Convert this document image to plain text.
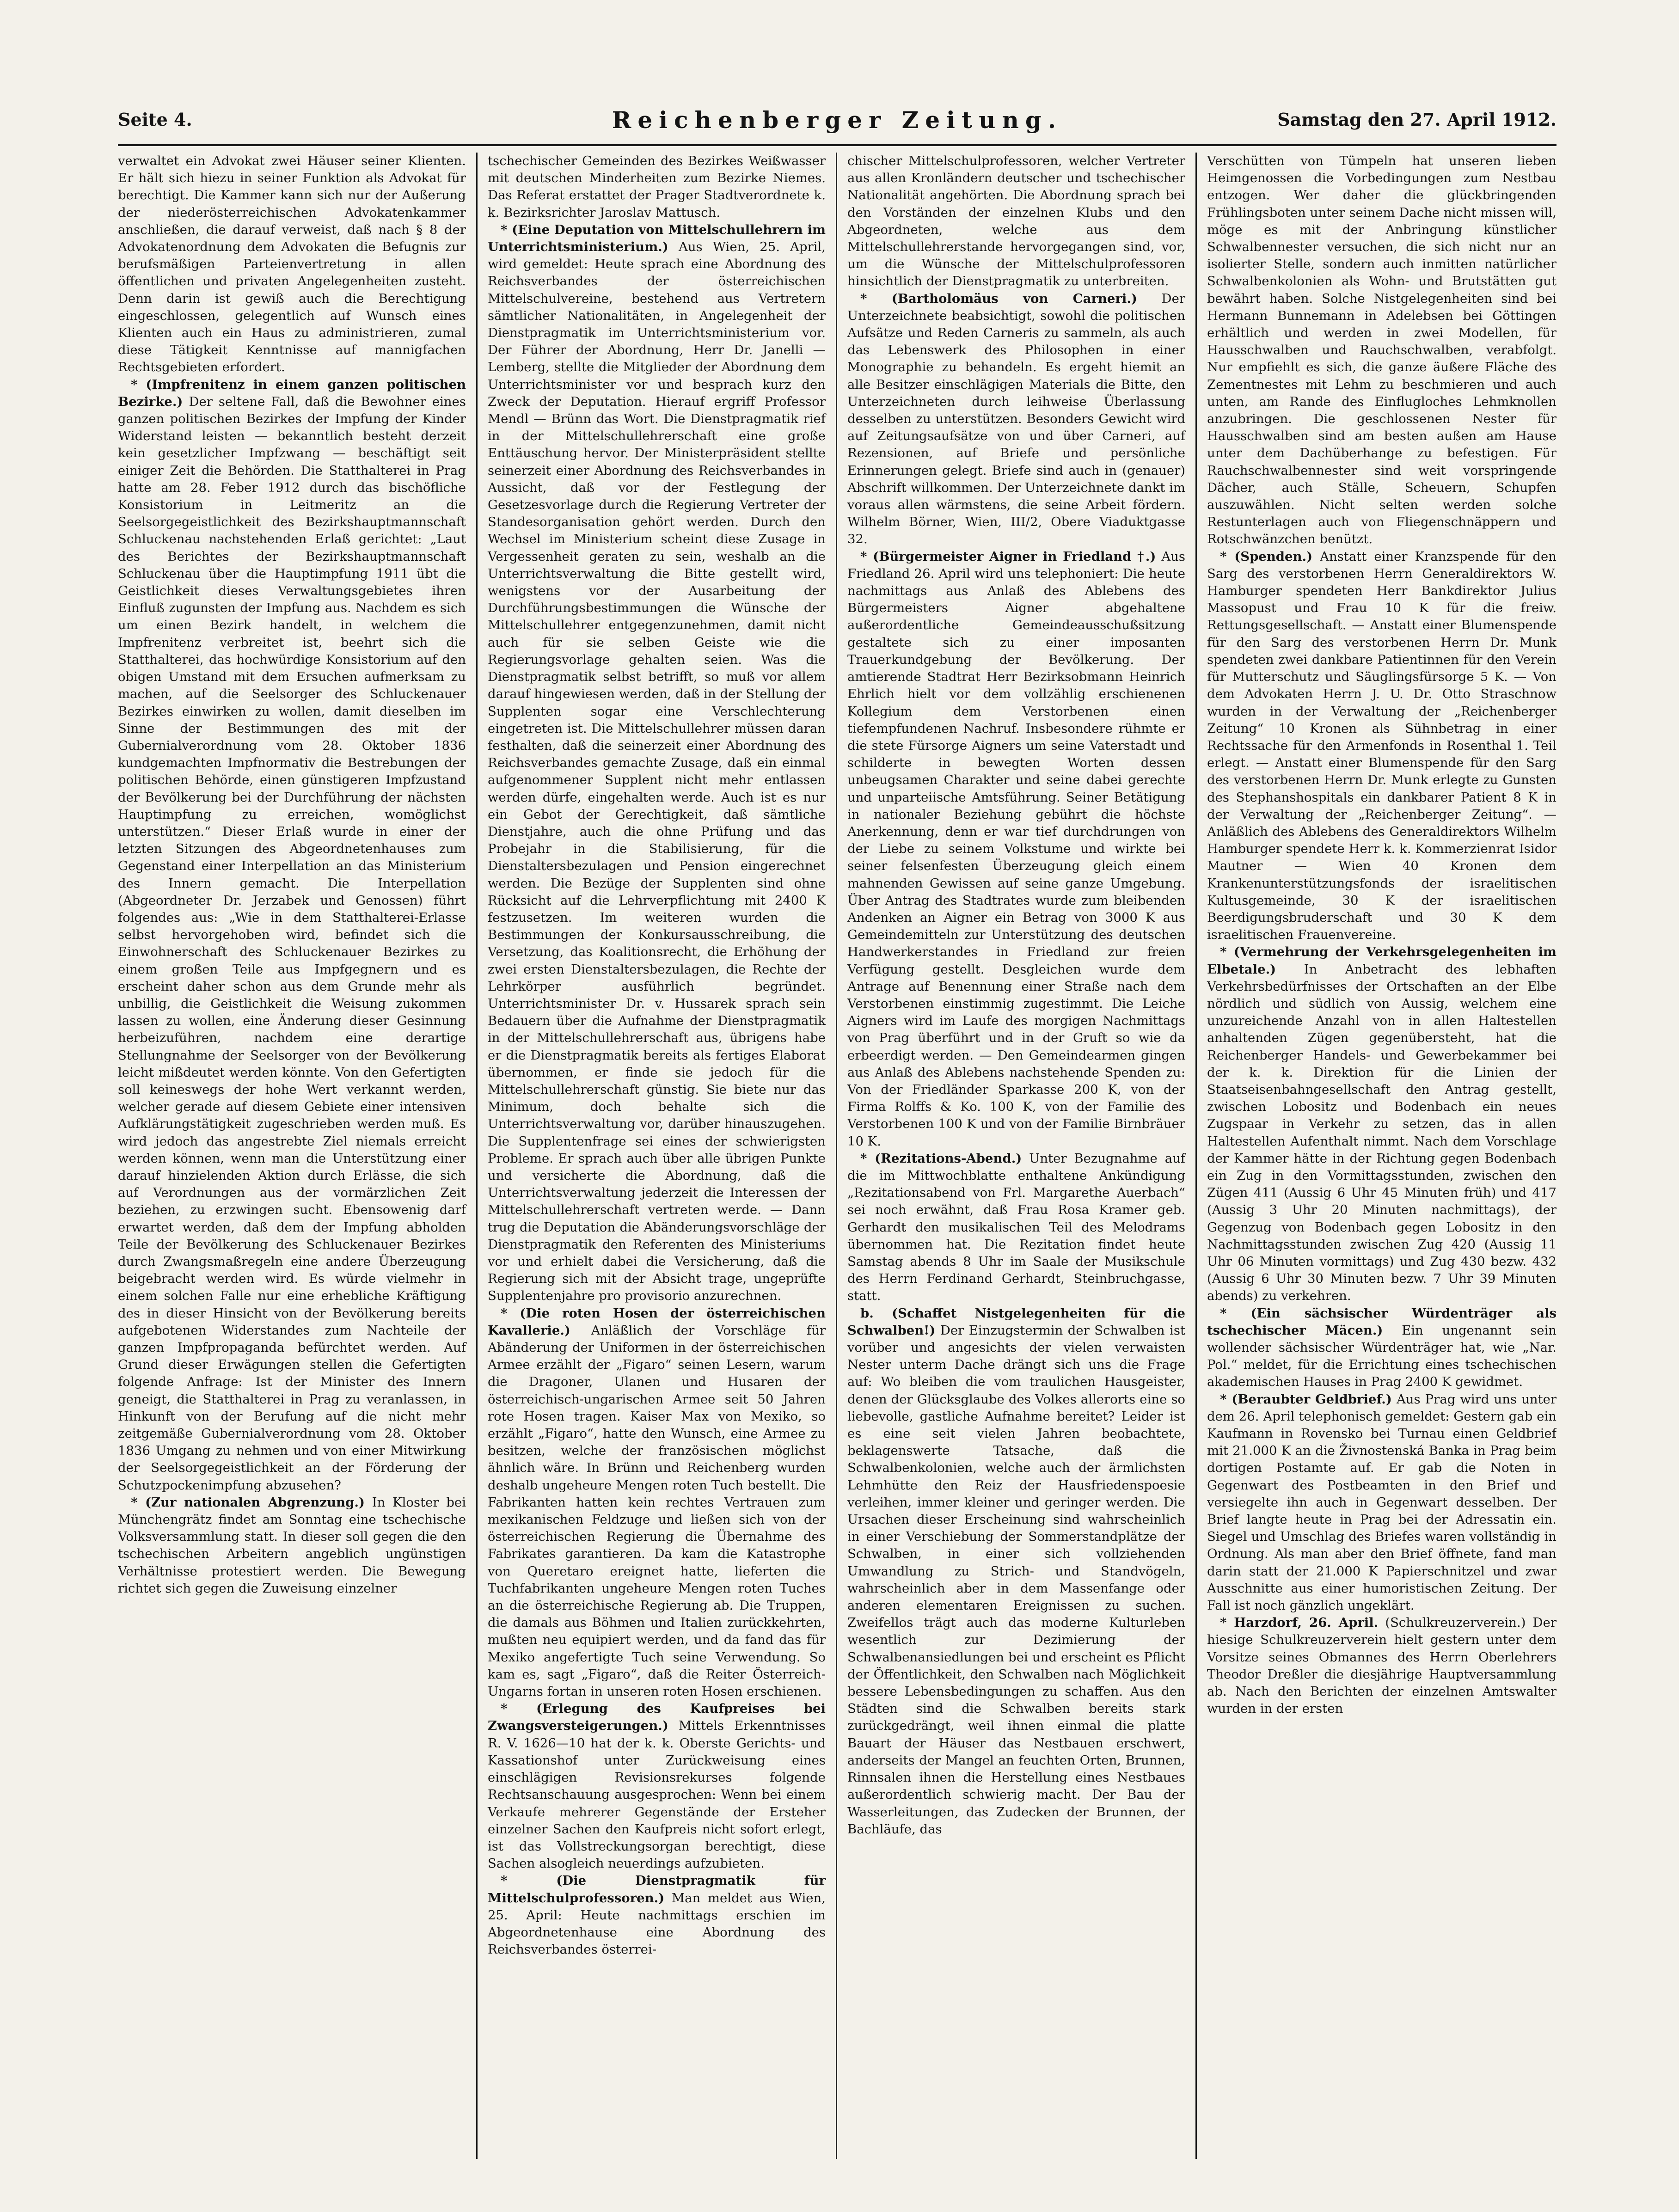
Seite 4.	Reichenberger Zeitung.	Samstag den 27. April 1912.

verwaltet ein Advokat zwei Häuser seiner Klienten. Er hält sich hiezu in seiner Funktion als Advokat für berechtigt. Die Kammer kann sich nur der Außerung der niederösterreichischen Advokatenkammer anschließen, die darauf verweist, daß nach § 8 der Advokatenordnung dem Advokaten die Befugnis zur berufsmäßigen Parteienvertretung in allen öffentlichen und privaten Angelegenheiten zusteht. Denn darin ist gewiß auch die Berechtigung eingeschlossen, gelegentlich auf Wunsch eines Klienten auch ein Haus zu administrieren, zumal diese Tätigkeit Kenntnisse auf mannigfachen Rechtsgebieten erfordert.

* (Impfrenitenz in einem ganzen politischen Bezirke.) Der seltene Fall, daß die Bewohner eines ganzen politischen Bezirkes der Impfung der Kinder Widerstand leisten — bekanntlich besteht derzeit kein gesetzlicher Impfzwang — beschäftigt seit einiger Zeit die Behörden. Die Statthalterei in Prag hatte am 28. Feber 1912 durch das bischöfliche Konsistorium in Leitmeritz an die Seelsorgegeistlichkeit des Bezirkshauptmannschaft Schluckenau nachstehenden Erlaß gerichtet: „Laut des Berichtes der Bezirkshauptmannschaft Schluckenau über die Hauptimpfung 1911 übt die Geistlichkeit dieses Verwaltungsgebietes ihren Einfluß zugunsten der Impfung aus. Nachdem es sich um einen Bezirk handelt, in welchem die Impfrenitenz verbreitet ist, beehrt sich die Statthalterei, das hochwürdige Konsistorium auf den obigen Umstand mit dem Ersuchen aufmerksam zu machen, auf die Seelsorger des Schluckenauer Bezirkes einwirken zu wollen, damit dieselben im Sinne der Bestimmungen des mit der Gubernialverordnung vom 28. Oktober 1836 kundgemachten Impfnormativ die Bestrebungen der politischen Behörde, einen günstigeren Impfzustand der Bevölkerung bei der Durchführung der nächsten Hauptimpfung zu erreichen, womöglichst unterstützen.“ Dieser Erlaß wurde in einer der letzten Sitzungen des Abgeordnetenhauses zum Gegenstand einer Interpellation an das Ministerium des Innern gemacht. Die Interpellation (Abgeordneter Dr. Jerzabek und Genossen) führt folgendes aus: „Wie in dem Statthalterei-Erlasse selbst hervorgehoben wird, befindet sich die Einwohnerschaft des Schluckenauer Bezirkes zu einem großen Teile aus Impfgegnern und es erscheint daher schon aus dem Grunde mehr als unbillig, die Geistlichkeit die Weisung zukommen lassen zu wollen, eine Änderung dieser Gesinnung herbeizuführen, nachdem eine derartige Stellungnahme der Seelsorger von der Bevölkerung leicht mißdeutet werden könnte. Von den Gefertigten soll keineswegs der hohe Wert verkannt werden, welcher gerade auf diesem Gebiete einer intensiven Aufklärungstätigkeit zugeschrieben werden muß. Es wird jedoch das angestrebte Ziel niemals erreicht werden können, wenn man die Unterstützung einer darauf hinzielenden Aktion durch Erlässe, die sich auf Verordnungen aus der vormärzlichen Zeit beziehen, zu erzwingen sucht. Ebensowenig darf erwartet werden, daß dem der Impfung abholden Teile der Bevölkerung des Schluckenauer Bezirkes durch Zwangsmaßregeln eine andere Überzeugung beigebracht werden wird. Es würde vielmehr in einem solchen Falle nur eine erhebliche Kräftigung des in dieser Hinsicht von der Bevölkerung bereits aufgebotenen Widerstandes zum Nachteile der ganzen Impfpropaganda befürchtet werden. Auf Grund dieser Erwägungen stellen die Gefertigten folgende Anfrage: Ist der Minister des Innern geneigt, die Statthalterei in Prag zu veranlassen, in Hinkunft von der Berufung auf die nicht mehr zeitgemäße Gubernialverordnung vom 28. Oktober 1836 Umgang zu nehmen und von einer Mitwirkung der Seelsorgegeistlichkeit an der Förderung der Schutzpockenimpfung abzusehen?

* (Zur nationalen Abgrenzung.) In Kloster bei Münchengrätz findet am Sonntag eine tschechische Volksversammlung statt. In dieser soll gegen die den tschechischen Arbeitern angeblich ungünstigen Verhältnisse protestiert werden. Die Bewegung richtet sich gegen die Zuweisung einzelner

tschechischer Gemeinden des Bezirkes Weißwasser mit deutschen Minderheiten zum Bezirke Niemes. Das Referat erstattet der Prager Stadtverordnete k. k. Bezirksrichter Jaroslav Mattusch.

* (Eine Deputation von Mittelschullehrern im Unterrichtsministerium.) Aus Wien, 25. April, wird gemeldet: Heute sprach eine Abordnung des Reichsverbandes der österreichischen Mittelschulvereine, bestehend aus Vertretern sämtlicher Nationalitäten, in Angelegenheit der Dienstpragmatik im Unterrichtsministerium vor. Der Führer der Abordnung, Herr Dr. Janelli — Lemberg, stellte die Mitglieder der Abordnung dem Unterrichtsminister vor und besprach kurz den Zweck der Deputation. Hierauf ergriff Professor Mendl — Brünn das Wort. Die Dienstpragmatik rief in der Mittelschullehrerschaft eine große Enttäuschung hervor. Der Ministerpräsident stellte seinerzeit einer Abordnung des Reichsverbandes in Aussicht, daß vor der Festlegung der Gesetzesvorlage durch die Regierung Vertreter der Standesorganisation gehört werden. Durch den Wechsel im Ministerium scheint diese Zusage in Vergessenheit geraten zu sein, weshalb an die Unterrichtsverwaltung die Bitte gestellt wird, wenigstens vor der Ausarbeitung der Durchführungsbestimmungen die Wünsche der Mittelschullehrer entgegenzunehmen, damit nicht auch für sie selben Geiste wie die Regierungsvorlage gehalten seien. Was die Dienstpragmatik selbst betrifft, so muß vor allem darauf hingewiesen werden, daß in der Stellung der Supplenten sogar eine Verschlechterung eingetreten ist. Die Mittelschullehrer müssen daran festhalten, daß die seinerzeit einer Abordnung des Reichsverbandes gemachte Zusage, daß ein einmal aufgenommener Supplent nicht mehr entlassen werden dürfe, eingehalten werde. Auch ist es nur ein Gebot der Gerechtigkeit, daß sämtliche Dienstjahre, auch die ohne Prüfung und das Probejahr in die Stabilisierung, für die Dienstaltersbezulagen und Pension eingerechnet werden. Die Bezüge der Supplenten sind ohne Rücksicht auf die Lehrverpflichtung mit 2400 K festzusetzen. Im weiteren wurden die Bestimmungen der Konkursausschreibung, die Versetzung, das Koalitionsrecht, die Erhöhung der zwei ersten Dienstaltersbezulagen, die Rechte der Lehrkörper ausführlich begründet. Unterrichtsminister Dr. v. Hussarek sprach sein Bedauern über die Aufnahme der Dienstpragmatik in der Mittelschullehrerschaft aus, übrigens habe er die Dienstpragmatik bereits als fertiges Elaborat übernommen, er finde sie jedoch für die Mittelschullehrerschaft günstig. Sie biete nur das Minimum, doch behalte sich die Unterrichtsverwaltung vor, darüber hinauszugehen. Die Supplentenfrage sei eines der schwierigsten Probleme. Er sprach auch über alle übrigen Punkte und versicherte die Abordnung, daß die Unterrichtsverwaltung jederzeit die Interessen der Mittelschullehrerschaft vertreten werde. — Dann trug die Deputation die Abänderungsvorschläge der Dienstpragmatik den Referenten des Ministeriums vor und erhielt dabei die Versicherung, daß die Regierung sich mit der Absicht trage, ungeprüfte Supplentenjahre pro provisorio anzurechnen.

* (Die roten Hosen der österreichischen Kavallerie.) Anläßlich der Vorschläge für Abänderung der Uniformen in der österreichischen Armee erzählt der „Figaro“ seinen Lesern, warum die Dragoner, Ulanen und Husaren der österreichisch-ungarischen Armee seit 50 Jahren rote Hosen tragen. Kaiser Max von Mexiko, so erzählt „Figaro“, hatte den Wunsch, eine Armee zu besitzen, welche der französischen möglichst ähnlich wäre. In Brünn und Reichenberg wurden deshalb ungeheure Mengen roten Tuch bestellt. Die Fabrikanten hatten kein rechtes Vertrauen zum mexikanischen Feldzuge und ließen sich von der österreichischen Regierung die Übernahme des Fabrikates garantieren. Da kam die Katastrophe von Queretaro ereignet hatte, lieferten die Tuchfabrikanten ungeheure Mengen roten Tuches an die österreichische Regierung ab. Die Truppen, die damals aus Böhmen und Italien zurückkehrten, mußten neu equipiert werden, und da fand das für Mexiko angefertigte Tuch seine Verwendung. So kam es, sagt „Figaro“, daß die Reiter Österreich-Ungarns fortan in unseren roten Hosen erschienen.

* (Erlegung des Kaufpreises bei Zwangsversteigerungen.) Mittels Erkenntnisses R. V. 1626—10 hat der k. k. Oberste Gerichts- und Kassationshof unter Zurückweisung eines einschlägigen Revisionsrekurses folgende Rechtsanschauung ausgesprochen: Wenn bei einem Verkaufe mehrerer Gegenstände der Ersteher einzelner Sachen den Kaufpreis nicht sofort erlegt, ist das Vollstreckungsorgan berechtigt, diese Sachen alsogleich neuerdings aufzubieten.

* (Die Dienstpragmatik für Mittelschulprofessoren.) Man meldet aus Wien, 25. April: Heute nachmittags erschien im Abgeordnetenhause eine Abordnung des Reichsverbandes österrei-

chischer Mittelschulprofessoren, welcher Vertreter aus allen Kronländern deutscher und tschechischer Nationalität angehörten. Die Abordnung sprach bei den Vorständen der einzelnen Klubs und den Abgeordneten, welche aus dem Mittelschullehrerstande hervorgegangen sind, vor, um die Wünsche der Mittelschulprofessoren hinsichtlich der Dienstpragmatik zu unterbreiten.

* (Bartholomäus von Carneri.) Der Unterzeichnete beabsichtigt, sowohl die politischen Aufsätze und Reden Carneris zu sammeln, als auch das Lebenswerk des Philosophen in einer Monographie zu behandeln. Es ergeht hiemit an alle Besitzer einschlägigen Materials die Bitte, den Unterzeichneten durch leihweise Überlassung desselben zu unterstützen. Besonders Gewicht wird auf Zeitungsaufsätze von und über Carneri, auf Rezensionen, auf Briefe und persönliche Erinnerungen gelegt. Briefe sind auch in (genauer) Abschrift willkommen. Der Unterzeichnete dankt im voraus allen wärmstens, die seine Arbeit fördern. Wilhelm Börner, Wien, III/2, Obere Viaduktgasse 32.

* (Bürgermeister Aigner in Friedland †.) Aus Friedland 26. April wird uns telephoniert: Die heute nachmittags aus Anlaß des Ablebens des Bürgermeisters Aigner abgehaltene außerordentliche Gemeindeausschußsitzung gestaltete sich zu einer imposanten Trauerkundgebung der Bevölkerung. Der amtierende Stadtrat Herr Bezirksobmann Heinrich Ehrlich hielt vor dem vollzählig erschienenen Kollegium dem Verstorbenen einen tiefempfundenen Nachruf. Insbesondere rühmte er die stete Fürsorge Aigners um seine Vaterstadt und schilderte in bewegten Worten dessen unbeugsamen Charakter und seine dabei gerechte und unparteiische Amtsführung. Seiner Betätigung in nationaler Beziehung gebührt die höchste Anerkennung, denn er war tief durchdrungen von der Liebe zu seinem Volkstume und wirkte bei seiner felsenfesten Überzeugung gleich einem mahnenden Gewissen auf seine ganze Umgebung. Über Antrag des Stadtrates wurde zum bleibenden Andenken an Aigner ein Betrag von 3000 K aus Gemeindemitteln zur Unterstützung des deutschen Handwerkerstandes in Friedland zur freien Verfügung gestellt. Desgleichen wurde dem Antrage auf Benennung einer Straße nach dem Verstorbenen einstimmig zugestimmt. Die Leiche Aigners wird im Laufe des morgigen Nachmittags von Prag überführt und in der Gruft so wie da erbeerdigt werden. — Den Gemeindearmen gingen aus Anlaß des Ablebens nachstehende Spenden zu: Von der Friedländer Sparkasse 200 K, von der Firma Rolffs & Ko. 100 K, von der Familie des Verstorbenen 100 K und von der Familie Birnbräuer 10 K.

* (Rezitations-Abend.) Unter Bezugnahme auf die im Mittwochblatte enthaltene Ankündigung „Rezitationsabend von Frl. Margarethe Auerbach“ sei noch erwähnt, daß Frau Rosa Kramer geb. Gerhardt den musikalischen Teil des Melodrams übernommen hat. Die Rezitation findet heute Samstag abends 8 Uhr im Saale der Musikschule des Herrn Ferdinand Gerhardt, Steinbruchgasse, statt.

b. (Schaffet Nistgelegenheiten für die Schwalben!) Der Einzugstermin der Schwalben ist vorüber und angesichts der vielen verwaisten Nester unterm Dache drängt sich uns die Frage auf: Wo bleiben die vom traulichen Hausgeister, denen der Glücksglaube des Volkes allerorts eine so liebevolle, gastliche Aufnahme bereitet? Leider ist es eine seit vielen Jahren beobachtete, beklagenswerte Tatsache, daß die Schwalbenkolonien, welche auch der ärmlichsten Lehmhütte den Reiz der Hausfriedenspoesie verleihen, immer kleiner und geringer werden. Die Ursachen dieser Erscheinung sind wahrscheinlich in einer Verschiebung der Sommerstandplätze der Schwalben, in einer sich vollziehenden Umwandlung zu Strich- und Standvögeln, wahrscheinlich aber in dem Massenfange oder anderen elementaren Ereignissen zu suchen. Zweifellos trägt auch das moderne Kulturleben wesentlich zur Dezimierung der Schwalbenansiedlungen bei und erscheint es Pflicht der Öffentlichkeit, den Schwalben nach Möglichkeit bessere Lebensbedingungen zu schaffen. Aus den Städten sind die Schwalben bereits stark zurückgedrängt, weil ihnen einmal die platte Bauart der Häuser das Nestbauen erschwert, anderseits der Mangel an feuchten Orten, Brunnen, Rinnsalen ihnen die Herstellung eines Nestbaues außerordentlich schwierig macht. Der Bau der Wasserleitungen, das Zudecken der Brunnen, der Bachläufe, das

Verschütten von Tümpeln hat unseren lieben Heimgenossen die Vorbedingungen zum Nestbau entzogen. Wer daher die glückbringenden Frühlingsboten unter seinem Dache nicht missen will, möge es mit der Anbringung künstlicher Schwalbennester versuchen, die sich nicht nur an isolierter Stelle, sondern auch inmitten natürlicher Schwalbenkolonien als Wohn- und Brutstätten gut bewährt haben. Solche Nistgelegenheiten sind bei Hermann Bunnemann in Adelebsen bei Göttingen erhältlich und werden in zwei Modellen, für Hausschwalben und Rauchschwalben, verabfolgt. Nur empfiehlt es sich, die ganze äußere Fläche des Zementnestes mit Lehm zu beschmieren und auch unten, am Rande des Einflugloches Lehmknollen anzubringen. Die geschlossenen Nester für Hausschwalben sind am besten außen am Hause unter dem Dachüberhange zu befestigen. Für Rauchschwalbennester sind weit vorspringende Dächer, auch Ställe, Scheuern, Schupfen auszuwählen. Nicht selten werden solche Restunterlagen auch von Fliegenschnäppern und Rotschwänzchen benützt.

* (Spenden.) Anstatt einer Kranzspende für den Sarg des verstorbenen Herrn Generaldirektors W. Hamburger spendeten Herr Bankdirektor Julius Massopust und Frau 10 K für die freiw. Rettungsgesellschaft. — Anstatt einer Blumenspende für den Sarg des verstorbenen Herrn Dr. Munk spendeten zwei dankbare Patientinnen für den Verein für Mutterschutz und Säuglingsfürsorge 5 K. — Von dem Advokaten Herrn J. U. Dr. Otto Straschnow wurden in der Verwaltung der „Reichenberger Zeitung“ 10 Kronen als Sühnbetrag in einer Rechtssache für den Armenfonds in Rosenthal 1. Teil erlegt. — Anstatt einer Blumenspende für den Sarg des verstorbenen Herrn Dr. Munk erlegte zu Gunsten des Stephanshospitals ein dankbarer Patient 8 K in der Verwaltung der „Reichenberger Zeitung“. — Anläßlich des Ablebens des Generaldirektors Wilhelm Hamburger spendete Herr k. k. Kommerzienrat Isidor Mautner — Wien 40 Kronen dem Krankenunterstützungsfonds der israelitischen Kultusgemeinde, 30 K der israelitischen Beerdigungsbruderschaft und 30 K dem israelitischen Frauenvereine.

* (Vermehrung der Verkehrsgelegenheiten im Elbetale.) In Anbetracht des lebhaften Verkehrsbedürfnisses der Ortschaften an der Elbe nördlich und südlich von Aussig, welchem eine unzureichende Anzahl von in allen Haltestellen anhaltenden Zügen gegenübersteht, hat die Reichenberger Handels- und Gewerbekammer bei der k. k. Direktion für die Linien der Staatseisenbahngesellschaft den Antrag gestellt, zwischen Lobositz und Bodenbach ein neues Zugspaar in Verkehr zu setzen, das in allen Haltestellen Aufenthalt nimmt. Nach dem Vorschlage der Kammer hätte in der Richtung gegen Bodenbach ein Zug in den Vormittagsstunden, zwischen den Zügen 411 (Aussig 6 Uhr 45 Minuten früh) und 417 (Aussig 3 Uhr 20 Minuten nachmittags), der Gegenzug von Bodenbach gegen Lobositz in den Nachmittagsstunden zwischen Zug 420 (Aussig 11 Uhr 06 Minuten vormittags) und Zug 430 bezw. 432 (Aussig 6 Uhr 30 Minuten bezw. 7 Uhr 39 Minuten abends) zu verkehren.

* (Ein sächsischer Würdenträger als tschechischer Mäcen.) Ein ungenannt sein wollender sächsischer Würdenträger hat, wie „Nar. Pol.“ meldet, für die Errichtung eines tschechischen akademischen Hauses in Prag 2400 K gewidmet.

* (Beraubter Geldbrief.) Aus Prag wird uns unter dem 26. April telephonisch gemeldet: Gestern gab ein Kaufmann in Rovensko bei Turnau einen Geldbrief mit 21.000 K an die Živnostenská Banka in Prag beim dortigen Postamte auf. Er gab die Noten in Gegenwart des Postbeamten in den Brief und versiegelte ihn auch in Gegenwart desselben. Der Brief langte heute in Prag bei der Adressatin ein. Siegel und Umschlag des Briefes waren vollständig in Ordnung. Als man aber den Brief öffnete, fand man darin statt der 21.000 K Papierschnitzel und zwar Ausschnitte aus einer humoristischen Zeitung. Der Fall ist noch gänzlich ungeklärt.

* Harzdorf, 26. April. (Schulkreuzerverein.) Der hiesige Schulkreuzerverein hielt gestern unter dem Vorsitze seines Obmannes des Herrn Oberlehrers Theodor Dreßler die diesjährige Hauptversammlung ab. Nach den Berichten der einzelnen Amtswalter wurden in der ersten
